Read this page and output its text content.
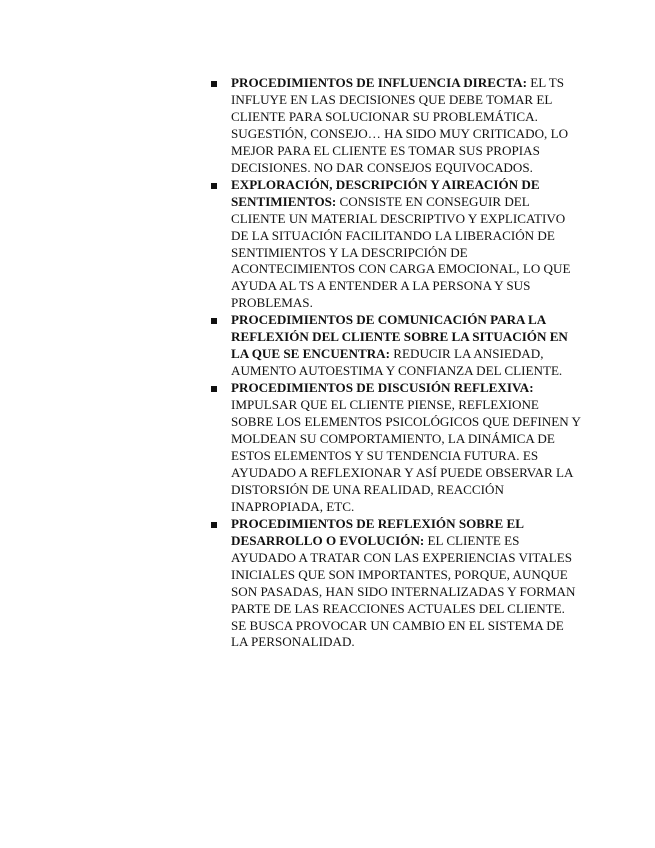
PROCEDIMIENTOS DE INFLUENCIA DIRECTA: EL TS INFLUYE EN LAS DECISIONES QUE DEBE TOMAR EL CLIENTE PARA SOLUCIONAR SU PROBLEMÁTICA. SUGESTIÓN, CONSEJO… HA SIDO MUY CRITICADO, LO MEJOR PARA EL CLIENTE ES TOMAR SUS PROPIAS DECISIONES. NO DAR CONSEJOS EQUIVOCADOS.
EXPLORACIÓN, DESCRIPCIÓN Y AIREACIÓN DE SENTIMIENTOS: CONSISTE EN CONSEGUIR DEL CLIENTE UN MATERIAL DESCRIPTIVO Y EXPLICATIVO DE LA SITUACIÓN FACILITANDO LA LIBERACIÓN DE SENTIMIENTOS Y LA DESCRIPCIÓN DE ACONTECIMIENTOS CON CARGA EMOCIONAL, LO QUE AYUDA AL TS A ENTENDER A LA PERSONA Y SUS PROBLEMAS.
PROCEDIMIENTOS DE COMUNICACIÓN PARA LA REFLEXIÓN DEL CLIENTE SOBRE LA SITUACIÓN EN LA QUE SE ENCUENTRA: REDUCIR LA ANSIEDAD, AUMENTO AUTOESTIMA Y CONFIANZA DEL CLIENTE.
PROCEDIMIENTOS DE DISCUSIÓN REFLEXIVA: IMPULSAR QUE EL CLIENTE PIENSE, REFLEXIONE SOBRE LOS ELEMENTOS PSICOLÓGICOS QUE DEFINEN Y MOLDEAN SU COMPORTAMIENTO, LA DINÁMICA DE ESTOS ELEMENTOS Y SU TENDENCIA FUTURA. ES AYUDADO A REFLEXIONAR Y ASÍ PUEDE OBSERVAR LA DISTORSIÓN DE UNA REALIDAD, REACCIÓN INAPROPIADA, ETC.
PROCEDIMIENTOS DE REFLEXIÓN SOBRE EL DESARROLLO O EVOLUCIÓN: EL CLIENTE ES AYUDADO A TRATAR CON LAS EXPERIENCIAS VITALES INICIALES QUE SON IMPORTANTES, PORQUE, AUNQUE SON PASADAS, HAN SIDO INTERNALIZADAS Y FORMAN PARTE DE LAS REACCIONES ACTUALES DEL CLIENTE. SE BUSCA PROVOCAR UN CAMBIO EN EL SISTEMA DE LA PERSONALIDAD.
